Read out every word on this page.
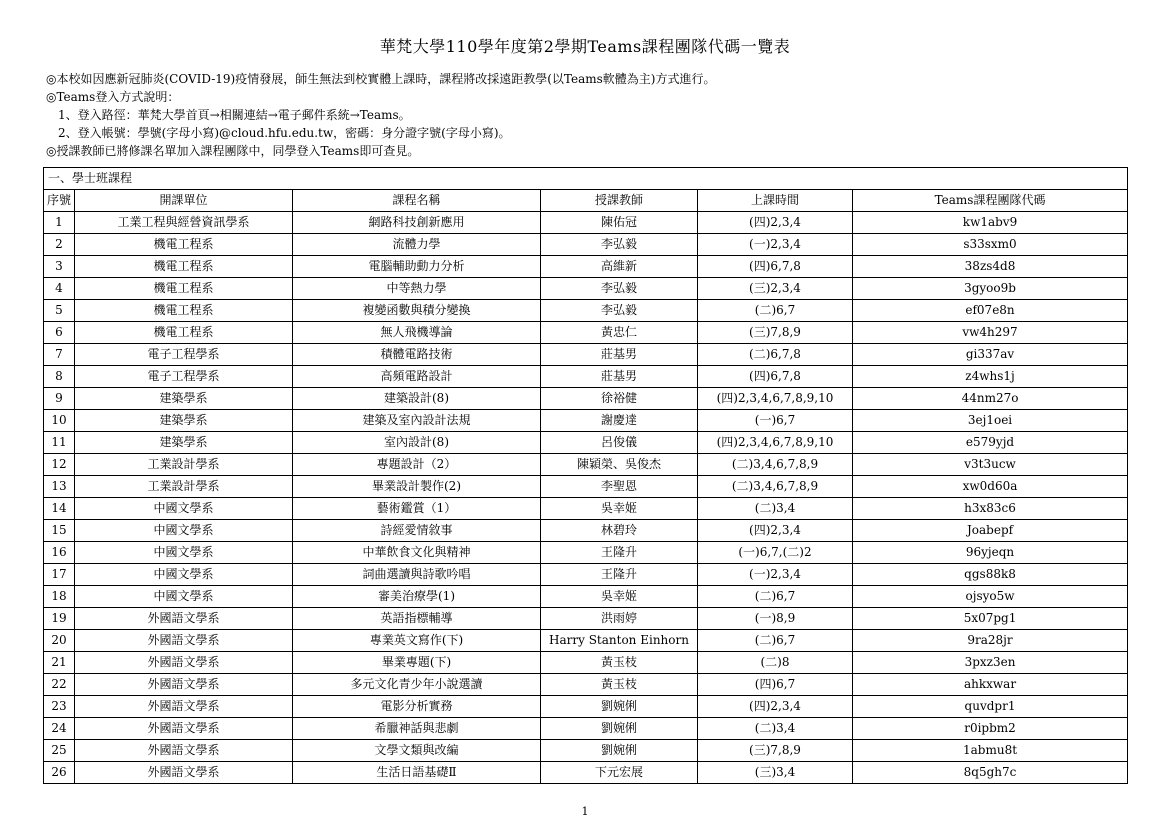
華梵大學110學年度第2學期Teams課程團隊代碼一覽表
◎本校如因應新冠肺炎(COVID-19)疫情發展，師生無法到校實體上課時，課程將改採遠距教學(以Teams軟體為主)方式進行。
◎Teams登入方式說明：
1、登入路徑：華梵大學首頁→相關連結→電子郵件系統→Teams。
2、登入帳號：學號(字母小寫)@cloud.hfu.edu.tw，密碼：身分證字號(字母小寫)。
◎授課教師已將修課名單加入課程團隊中，同學登入Teams即可查見。
一、學士班課程					
序號	開課單位	課程名稱	授課教師	上課時間	Teams課程團隊代碼
1	工業工程與經營資訊學系	網路科技創新應用	陳佑冠	(四)2,3,4	kw1abv9
2	機電工程系	流體力學	李弘毅	(一)2,3,4	s33sxm0
3	機電工程系	電腦輔助動力分析	高維新	(四)6,7,8	38zs4d8
4	機電工程系	中等熱力學	李弘毅	(三)2,3,4	3gyoo9b
5	機電工程系	複變函數與積分變換	李弘毅	(二)6,7	ef07e8n
6	機電工程系	無人飛機導論	黃忠仁	(三)7,8,9	vw4h297
7	電子工程學系	積體電路技術	莊基男	(二)6,7,8	gi337av
8	電子工程學系	高頻電路設計	莊基男	(四)6,7,8	z4whs1j
9	建築學系	建築設計(8)	徐裕健	(四)2,3,4,6,7,8,9,10	44nm27o
10	建築學系	建築及室內設計法規	謝慶達	(一)6,7	3ej1oei
11	建築學系	室內設計(8)	呂俊儀	(四)2,3,4,6,7,8,9,10	e579yjd
12	工業設計學系	專題設計（2）	陳穎榮、吳俊杰	(二)3,4,6,7,8,9	v3t3ucw
13	工業設計學系	畢業設計製作(2)	李聖恩	(二)3,4,6,7,8,9	xw0d60a
14	中國文學系	藝術鑑賞（1）	吳幸姬	(二)3,4	h3x83c6
15	中國文學系	詩經愛情敘事	林碧玲	(四)2,3,4	Joabepf
16	中國文學系	中華飲食文化與精神	王隆升	(一)6,7,(二)2	96yjeqn
17	中國文學系	詞曲選讀與詩歌吟唱	王隆升	(一)2,3,4	qgs88k8
18	中國文學系	審美治療學(1)	吳幸姬	(二)6,7	ojsyo5w
19	外國語文學系	英語指標輔導	洪雨婷	(一)8,9	5x07pg1
20	外國語文學系	專業英文寫作(下)	Harry Stanton Einhorn	(二)6,7	9ra28jr
21	外國語文學系	畢業專題(下)	黃玉枝	(二)8	3pxz3en
22	外國語文學系	多元文化青少年小說選讀	黃玉枝	(四)6,7	ahkxwar
23	外國語文學系	電影分析實務	劉婉俐	(四)2,3,4	quvdpr1
24	外國語文學系	希臘神話與悲劇	劉婉俐	(二)3,4	r0ipbm2
25	外國語文學系	文學文類與改編	劉婉俐	(三)7,8,9	1abmu8t
26	外國語文學系	生活日語基礎Ⅱ	下元宏展	(三)3,4	8q5gh7c
1
